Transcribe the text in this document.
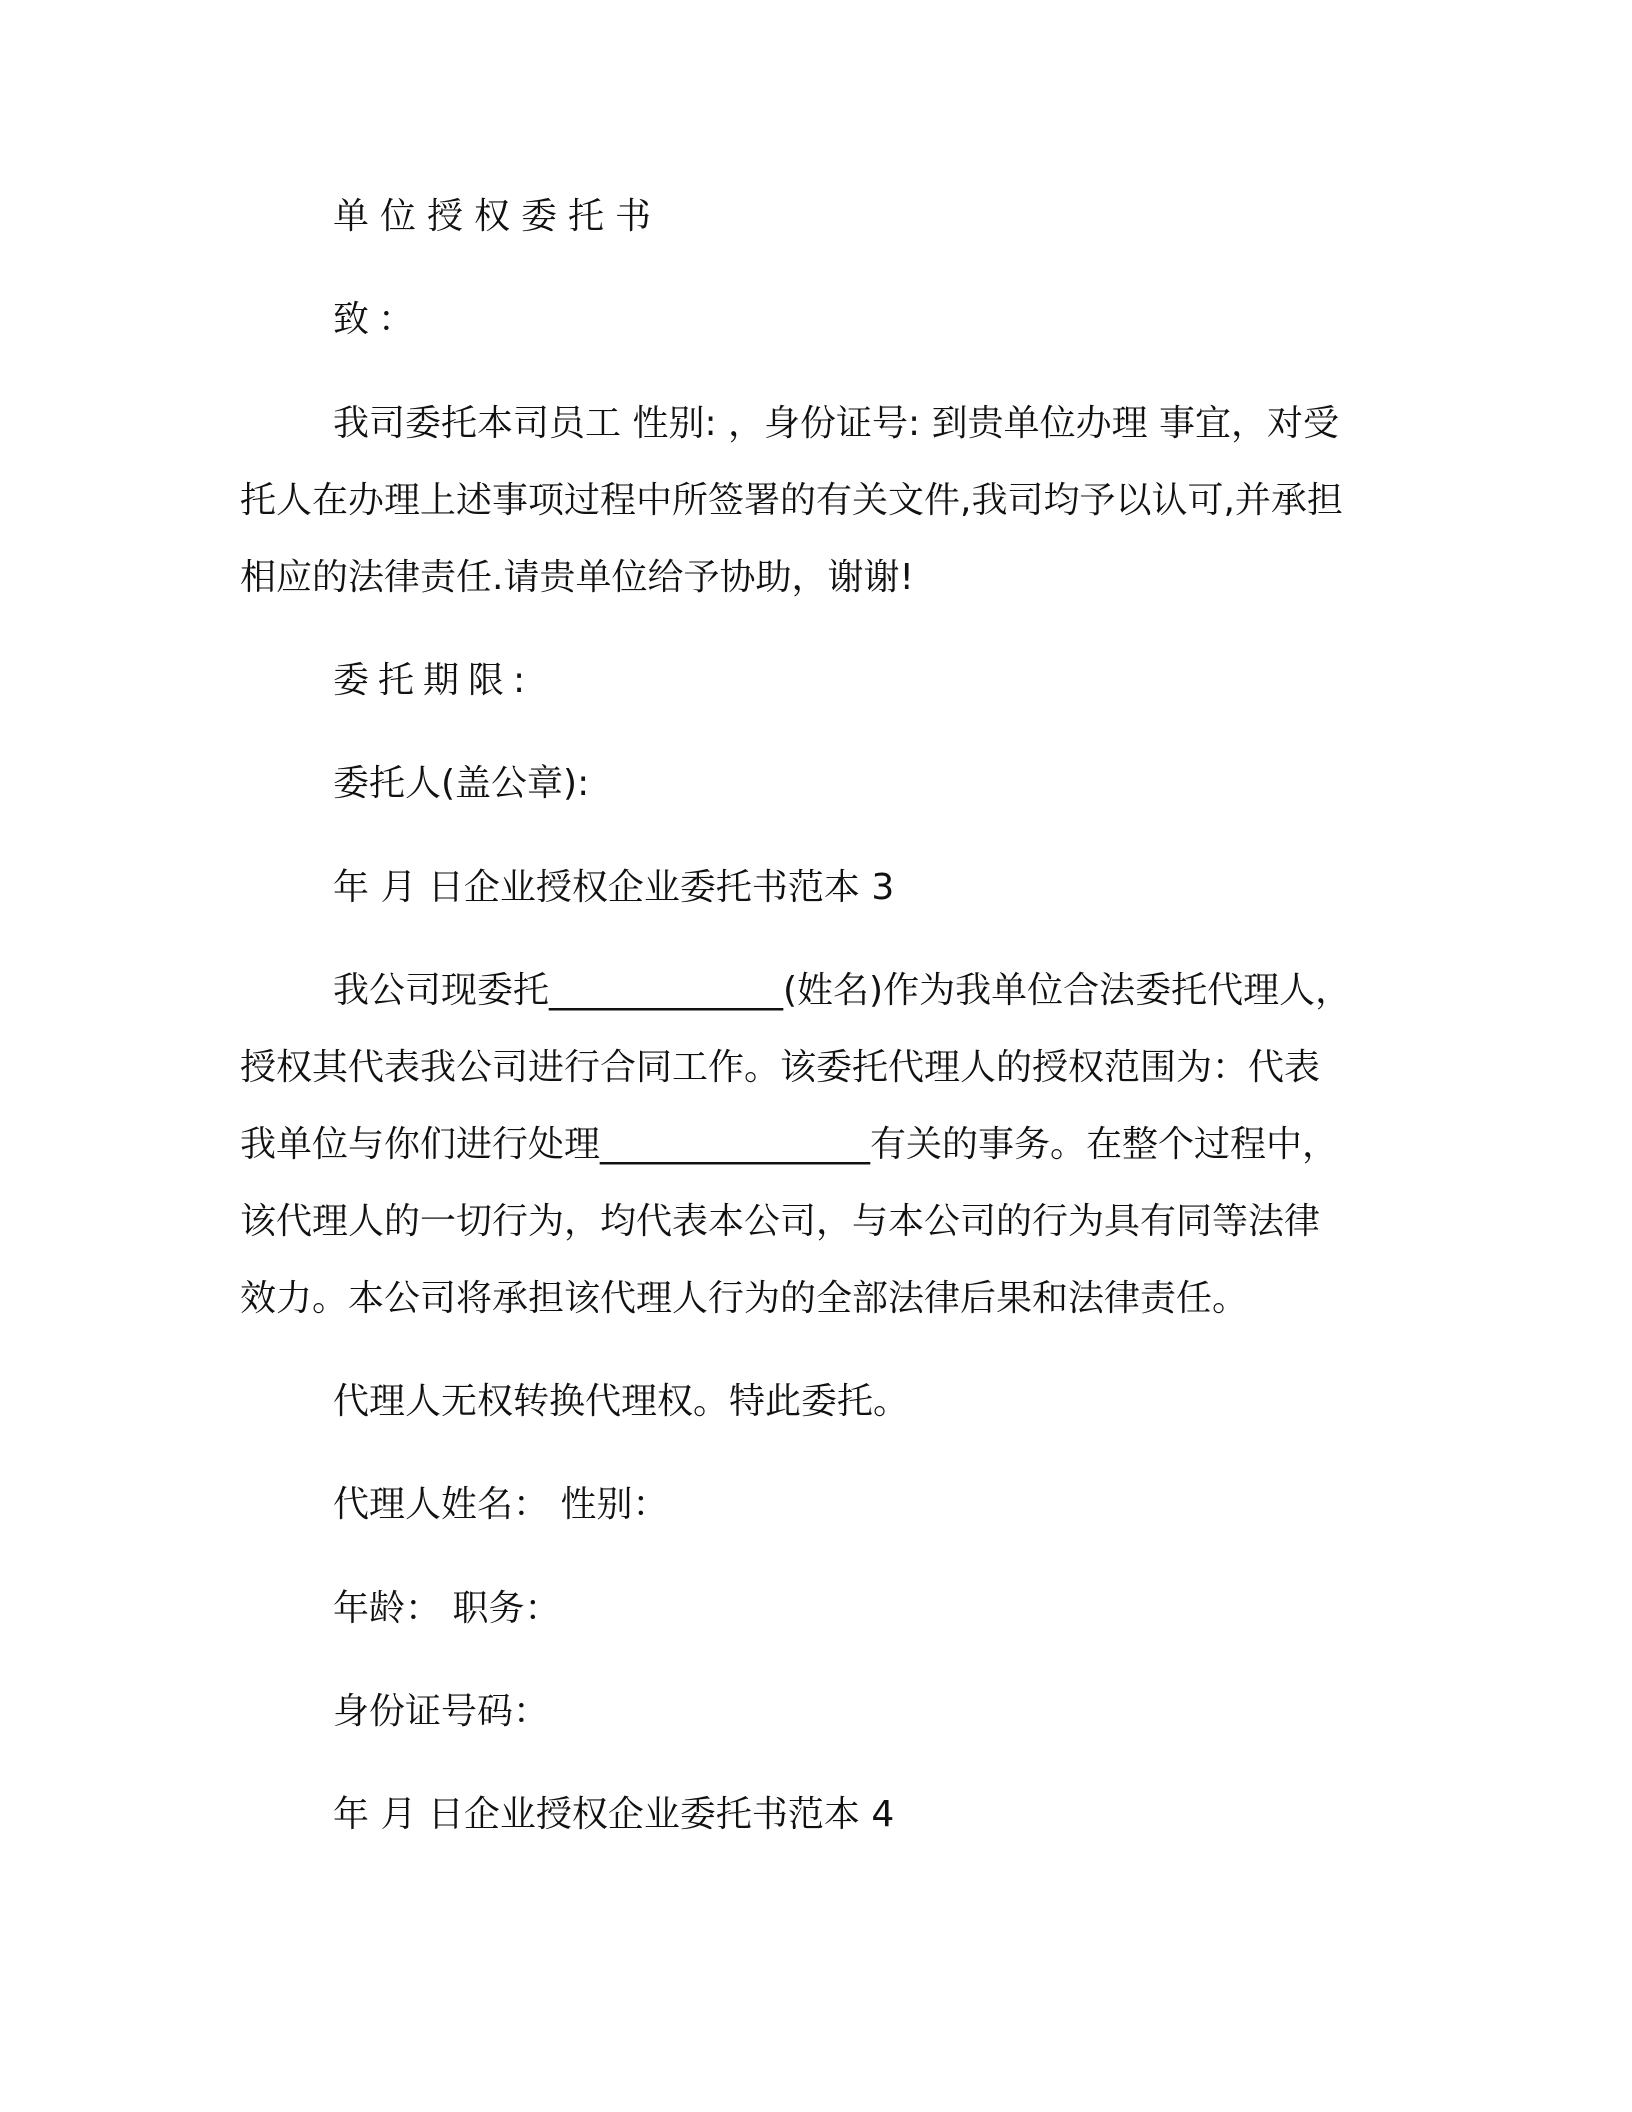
单位授权委托书
致：
我司委托本司员工 性别: ，身份证号: 到贵单位办理 事宜，对受
托人在办理上述事项过程中所签署的有关文件,我司均予以认可,并承担
相应的法律责任.请贵单位给予协助，谢谢!
委托期限:
委托人(盖公章):
年 月 日企业授权企业委托书范本 3
我公司现委托_____________(姓名)作为我单位合法委托代理人，
授权其代表我公司进行合同工作。该委托代理人的授权范围为：代表
我单位与你们进行处理_______________有关的事务。在整个过程中，
该代理人的一切行为，均代表本公司，与本公司的行为具有同等法律
效力。本公司将承担该代理人行为的全部法律后果和法律责任。
代理人无权转换代理权。特此委托。
代理人姓名： 性别：
年龄： 职务：
身份证号码：
年 月 日企业授权企业委托书范本 4
